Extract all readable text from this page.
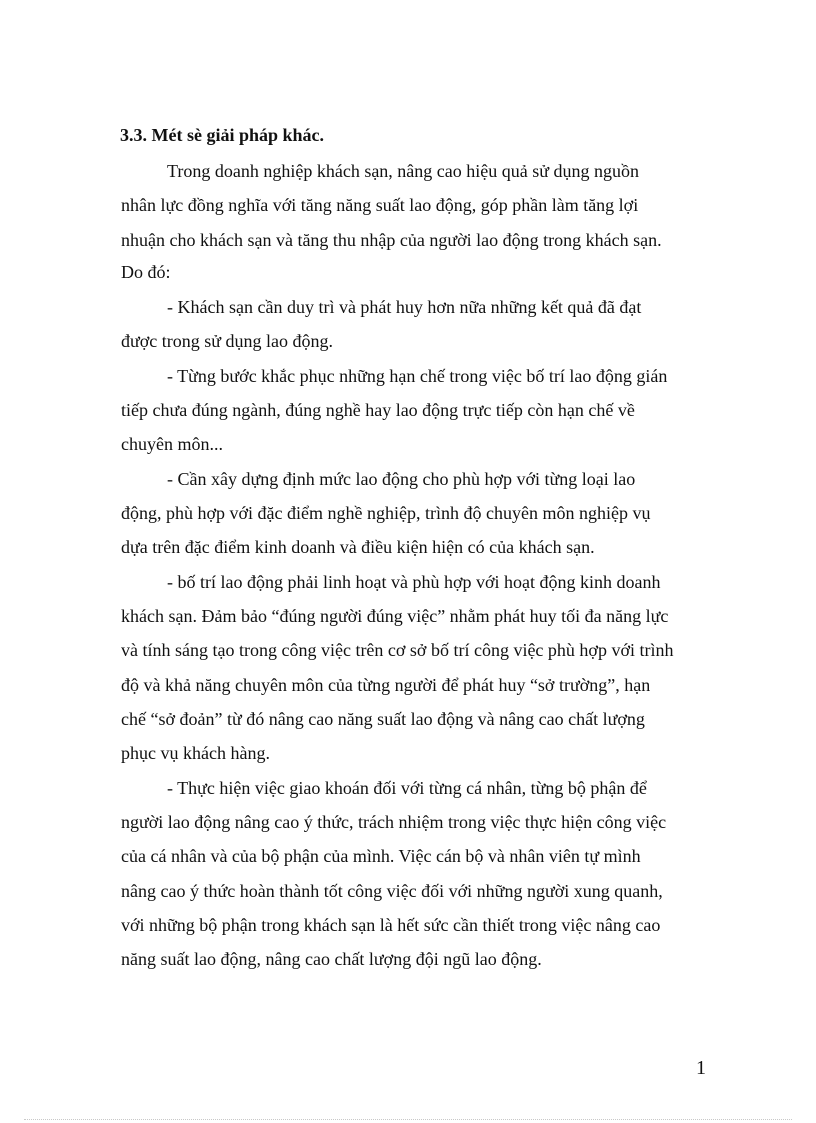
3.3. Mét sè giải pháp khác.
Trong doanh nghiệp khách sạn, nâng cao hiệu quả sử dụng nguồn
nhân lực đồng nghĩa với tăng năng suất lao động, góp phần làm tăng lợi
nhuận cho khách sạn và tăng thu nhập của người lao động trong khách sạn.
Do đó:
- Khách sạn cần duy trì và phát huy hơn nữa những kết quả đã đạt
được trong sử dụng lao động.
- Từng bước khắc phục những hạn chế trong việc bố trí lao động gián
tiếp chưa đúng ngành, đúng nghề hay lao động trực tiếp còn hạn chế về
chuyên môn...
- Cần xây dựng định mức lao động cho phù hợp với từng loại lao
động, phù hợp với đặc điểm nghề nghiệp, trình độ chuyên môn nghiệp vụ
dựa trên đặc điểm kinh doanh và điều kiện hiện có của khách sạn.
- bố trí lao động phải linh hoạt và phù hợp với hoạt động kinh doanh
khách sạn. Đảm bảo “đúng người đúng việc” nhằm phát huy tối đa năng lực
và tính sáng tạo trong công việc trên cơ sở bố trí công việc phù hợp với trình
độ và khả năng chuyên môn của từng người để phát huy “sở trường”, hạn
chế “sở đoản” từ đó nâng cao năng suất lao động và nâng cao chất lượng
phục vụ khách hàng.
- Thực hiện việc giao khoán đối với từng cá nhân, từng bộ phận để
người lao động nâng cao ý thức, trách nhiệm trong việc thực hiện công việc
của cá nhân và của bộ phận của mình. Việc cán bộ và nhân viên tự mình
nâng cao ý thức hoàn thành tốt công việc đối với những người xung quanh,
với những bộ phận trong khách sạn là hết sức cần thiết trong việc nâng cao
năng suất lao động, nâng cao chất lượng đội ngũ lao động.
1
